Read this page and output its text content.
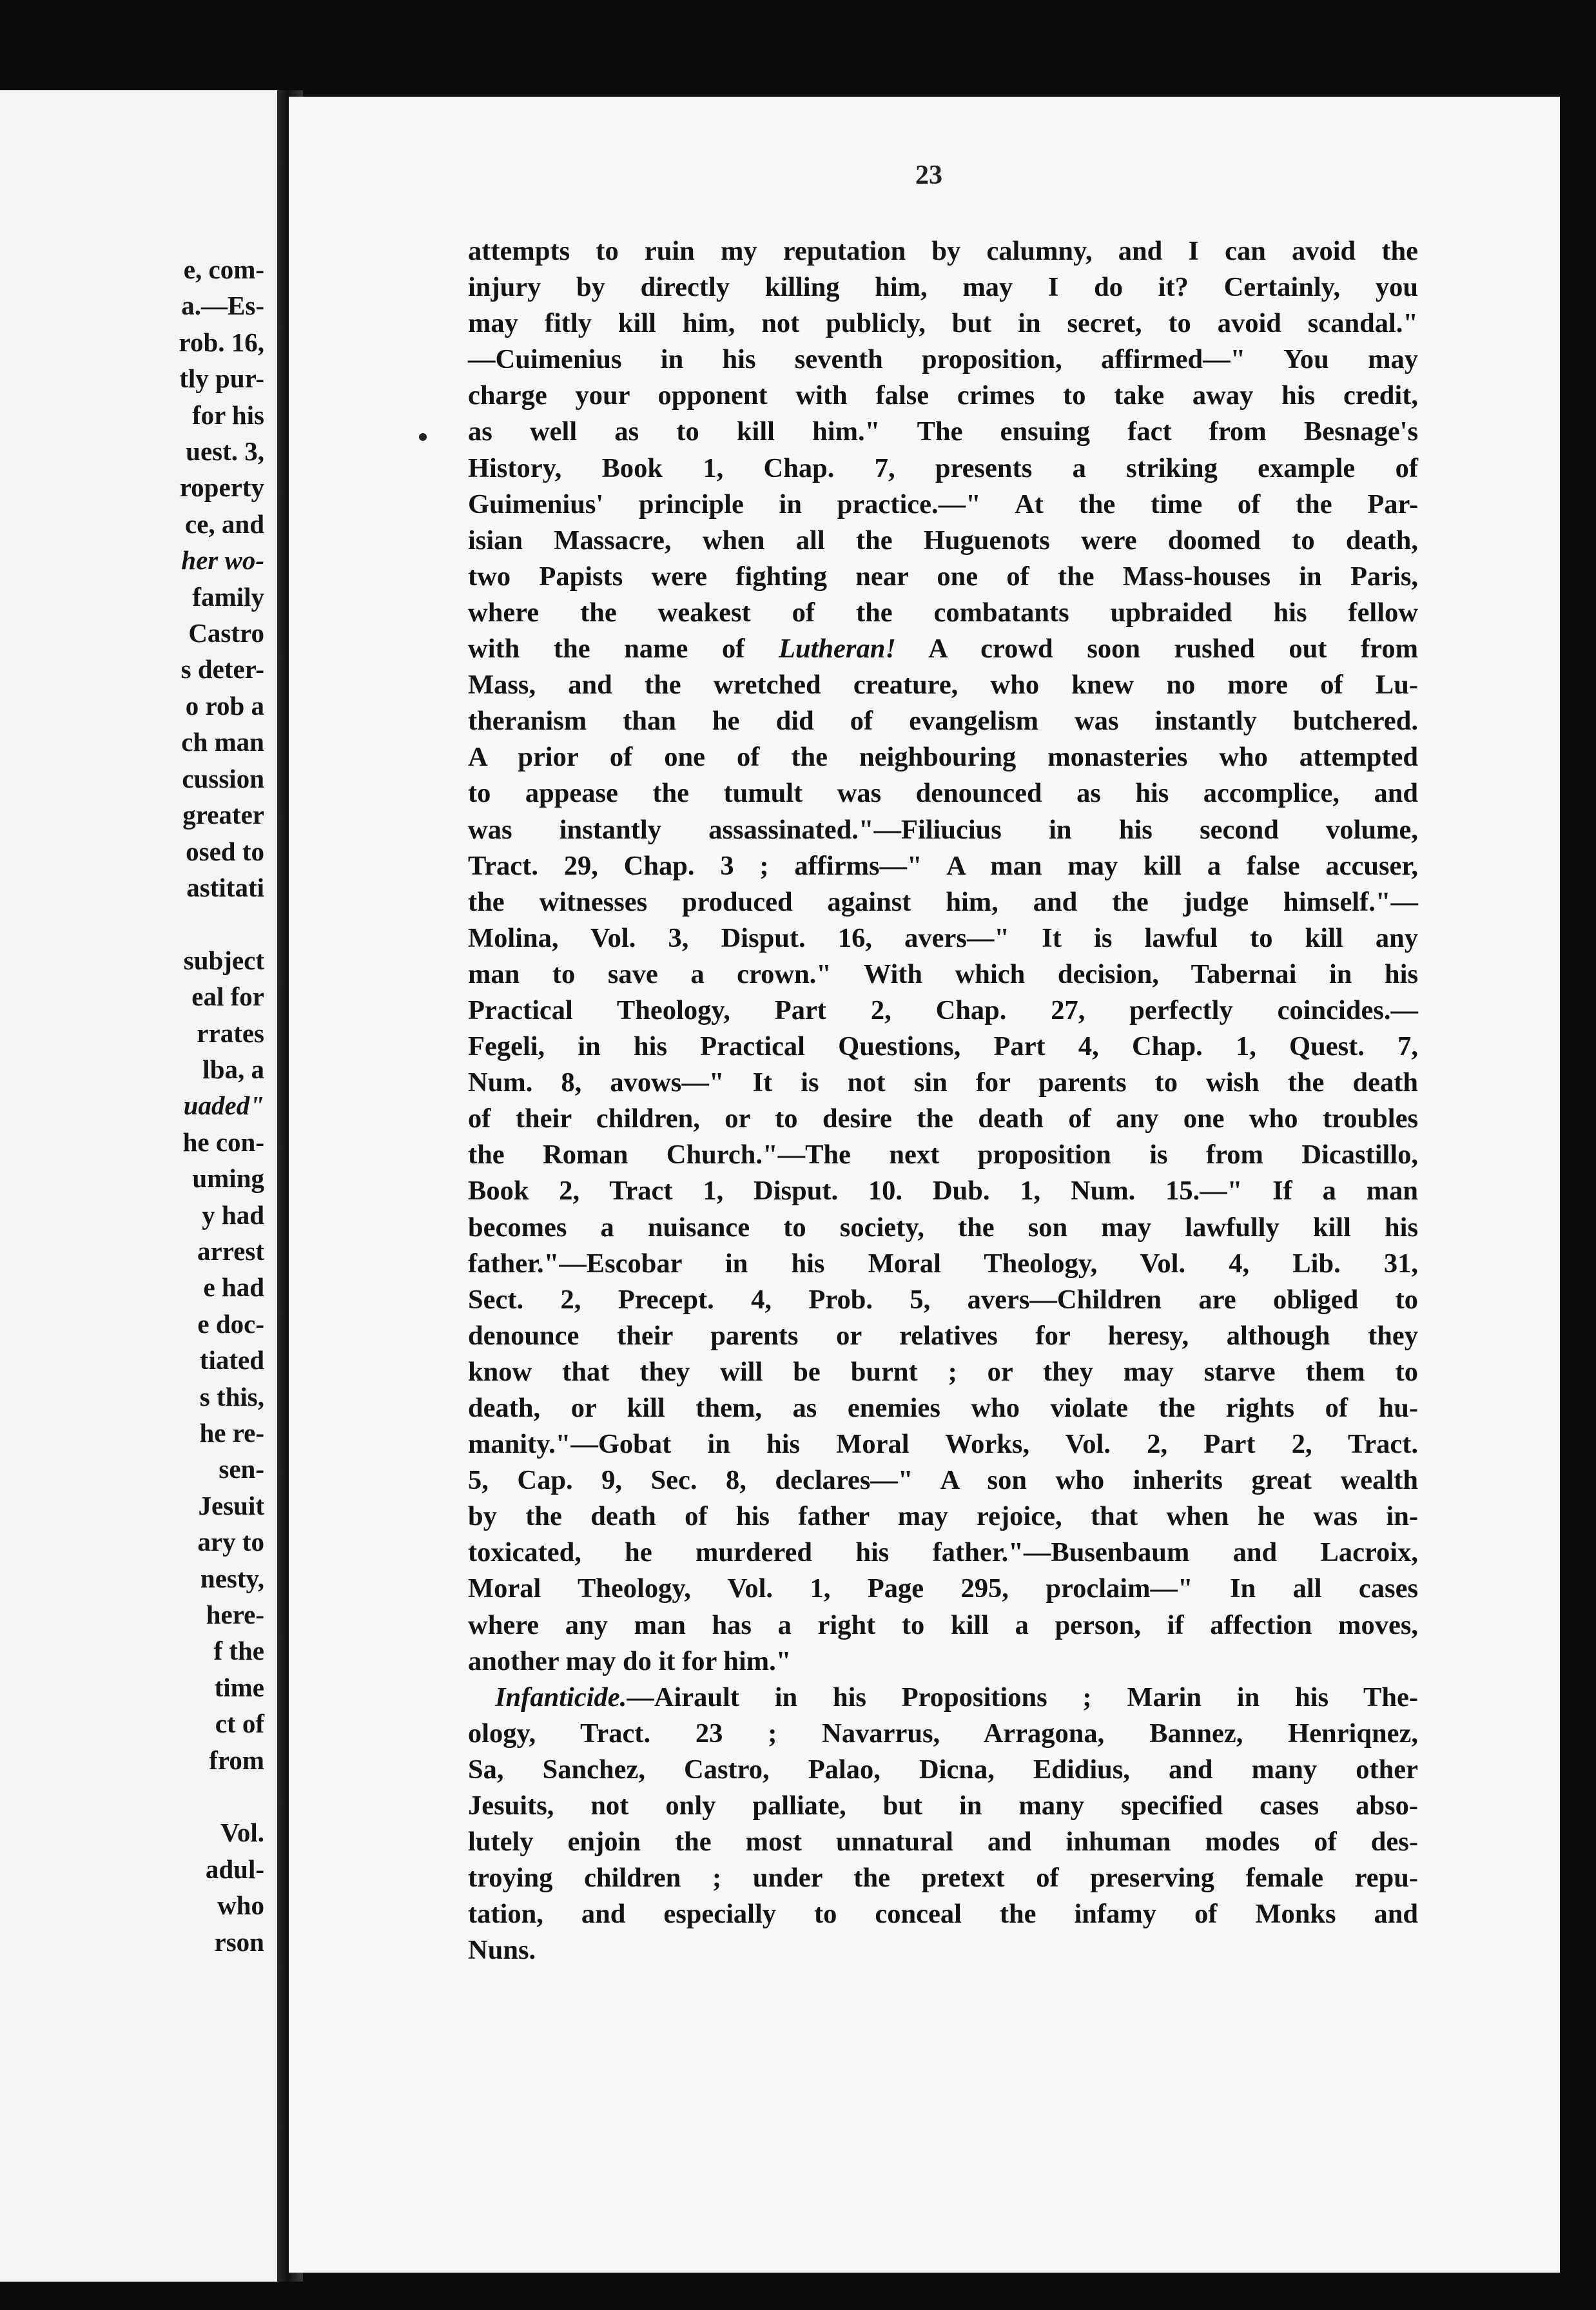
e, com-
a.—Es-
rob. 16,
tly pur-
for his
uest. 3,
roperty
ce, and
her wo-
family
Castro
s deter-
o rob a
ch man
cussion
greater
osed to
astitati
subject
eal for
rrates
lba, a
uaded"
he con-
uming
y had
arrest
e had
e doc-
tiated
s this,
he re-
sen-
Jesuit
ary to
nesty,
here-
f the
time
ct of
from
Vol.
adul-
who
rson
23
attempts to ruin my reputation by calumny, and I can avoid the
injury by directly killing him, may I do it? Certainly, you
may fitly kill him, not publicly, but in secret, to avoid scandal."
—Cuimenius in his seventh proposition, affirmed—" You may
charge your opponent with false crimes to take away his credit,
as well as to kill him." The ensuing fact from Besnage's
History, Book 1, Chap. 7, presents a striking example of
Guimenius' principle in practice.—" At the time of the Par-
isian Massacre, when all the Huguenots were doomed to death,
two Papists were fighting near one of the Mass-houses in Paris,
where the weakest of the combatants upbraided his fellow
with the name of Lutheran! A crowd soon rushed out from
Mass, and the wretched creature, who knew no more of Lu-
theranism than he did of evangelism was instantly butchered.
A prior of one of the neighbouring monasteries who attempted
to appease the tumult was denounced as his accomplice, and
was instantly assassinated."—Filiucius in his second volume,
Tract. 29, Chap. 3 ; affirms—" A man may kill a false accuser,
the witnesses produced against him, and the judge himself."—
Molina, Vol. 3, Disput. 16, avers—" It is lawful to kill any
man to save a crown." With which decision, Tabernai in his
Practical Theology, Part 2, Chap. 27, perfectly coincides.—
Fegeli, in his Practical Questions, Part 4, Chap. 1, Quest. 7,
Num. 8, avows—" It is not sin for parents to wish the death
of their children, or to desire the death of any one who troubles
the Roman Church."—The next proposition is from Dicastillo,
Book 2, Tract 1, Disput. 10. Dub. 1, Num. 15.—" If a man
becomes a nuisance to society, the son may lawfully kill his
father."—Escobar in his Moral Theology, Vol. 4, Lib. 31,
Sect. 2, Precept. 4, Prob. 5, avers—Children are obliged to
denounce their parents or relatives for heresy, although they
know that they will be burnt ; or they may starve them to
death, or kill them, as enemies who violate the rights of hu-
manity."—Gobat in his Moral Works, Vol. 2, Part 2, Tract.
5, Cap. 9, Sec. 8, declares—" A son who inherits great wealth
by the death of his father may rejoice, that when he was in-
toxicated, he murdered his father."—Busenbaum and Lacroix,
Moral Theology, Vol. 1, Page 295, proclaim—" In all cases
where any man has a right to kill a person, if affection moves,
another may do it for him."
Infanticide.—Airault in his Propositions ; Marin in his The-
ology, Tract. 23 ; Navarrus, Arragona, Bannez, Henriqnez,
Sa, Sanchez, Castro, Palao, Dicna, Edidius, and many other
Jesuits, not only palliate, but in many specified cases abso-
lutely enjoin the most unnatural and inhuman modes of des-
troying children ; under the pretext of preserving female repu-
tation, and especially to conceal the infamy of Monks and
Nuns.
